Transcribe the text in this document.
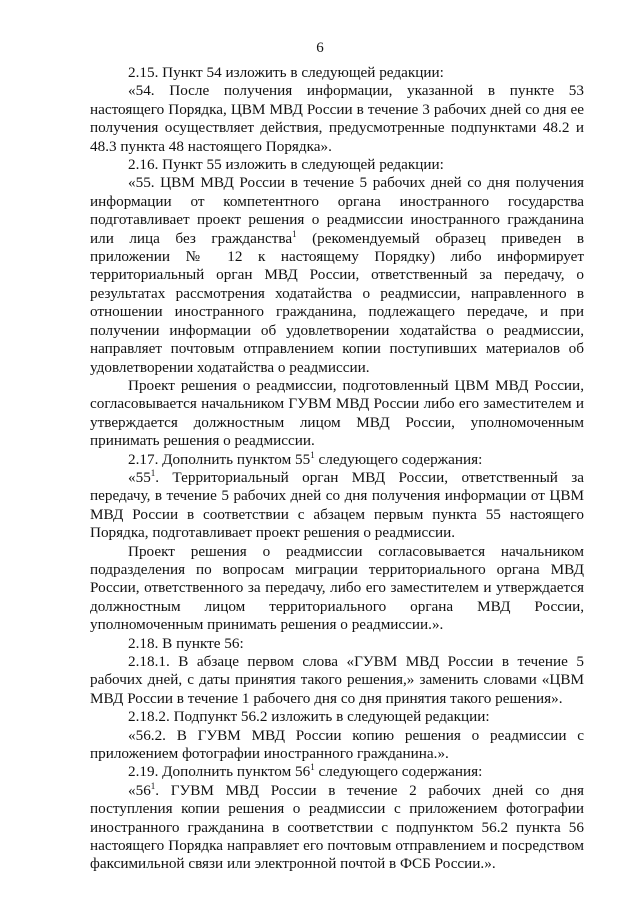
6

2.15. Пункт 54 изложить в следующей редакции:

«54. После получения информации, указанной в пункте 53 настоящего Порядка, ЦВМ МВД России в течение 3 рабочих дней со дня ее получения осуществляет действия, предусмотренные подпунктами 48.2 и 48.3 пункта 48 настоящего Порядка».

2.16. Пункт 55 изложить в следующей редакции:

«55. ЦВМ МВД России в течение 5 рабочих дней со дня получения информации от компетентного органа иностранного государства подготавливает проект решения о реадмиссии иностранного гражданина или лица без гражданства$^1$ (рекомендуемый образец приведен в приложении № 12 к настоящему Порядку) либо информирует территориальный орган МВД России, ответственный за передачу, о результатах рассмотрения ходатайства о реадмиссии, направленного в отношении иностранного гражданина, подлежащего передаче, и при получении информации об удовлетворении ходатайства о реадмиссии, направляет почтовым отправлением копии поступивших материалов об удовлетворении ходатайства о реадмиссии.

Проект решения о реадмиссии, подготовленный ЦВМ МВД России, согласовывается начальником ГУВМ МВД России либо его заместителем и утверждается должностным лицом МВД России, уполномоченным принимать решения о реадмиссии.

2.17. Дополнить пунктом $55^1$ следующего содержания:

«$55^1$. Территориальный орган МВД России, ответственный за передачу, в течение 5 рабочих дней со дня получения информации от ЦВМ МВД России в соответствии с абзацем первым пункта 55 настоящего Порядка, подготавливает проект решения о реадмиссии.

Проект решения о реадмиссии согласовывается начальником подразделения по вопросам миграции территориального органа МВД России, ответственного за передачу, либо его заместителем и утверждается должностным лицом территориального органа МВД России, уполномоченным принимать решения о реадмиссии.».

2.18. В пункте 56:

2.18.1. В абзаце первом слова «ГУВМ МВД России в течение 5 рабочих дней, с даты принятия такого решения,» заменить словами «ЦВМ МВД России в течение 1 рабочего дня со дня принятия такого решения».

2.18.2. Подпункт 56.2 изложить в следующей редакции:

«56.2. В ГУВМ МВД России копию решения о реадмиссии с приложением фотографии иностранного гражданина.».

2.19. Дополнить пунктом $56^1$ следующего содержания:

«$56^1$. ГУВМ МВД России в течение 2 рабочих дней со дня поступления копии решения о реадмиссии с приложением фотографии иностранного гражданина в соответствии с подпунктом 56.2 пункта 56 настоящего Порядка направляет его почтовым отправлением и посредством факсимильной связи или электронной почтой в ФСБ России.».
